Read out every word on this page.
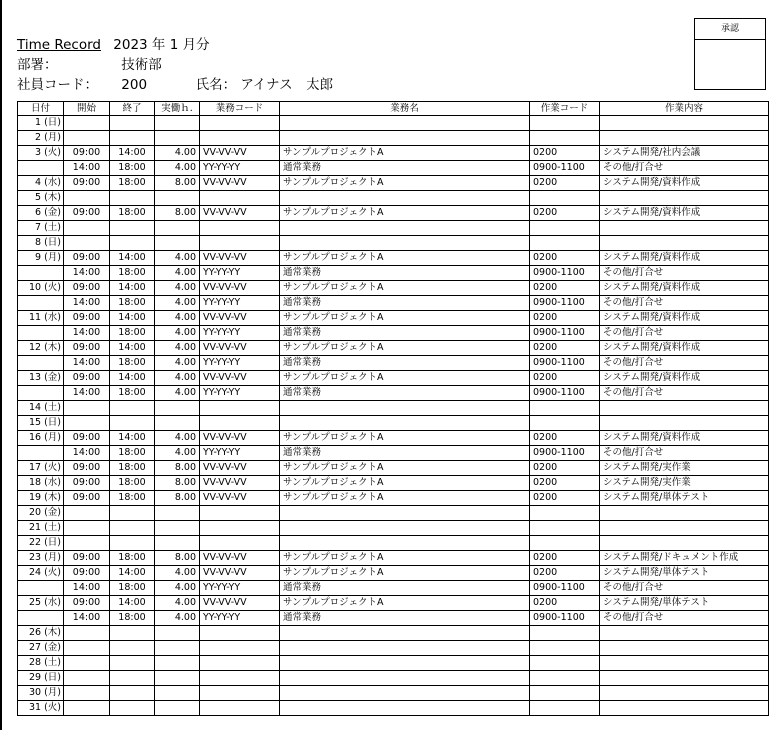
Time Record 2023 年 1 月分
部署：	技術部
社員コード： 200	氏名： アイナス　太郎
承認
日付	開始	終了	実働ｈ.	業務コード	業務名	作業コード	作業内容
1 (日)							
2 (月)							
3 (火)	09:00	14:00	4.00	VV-VV-VV	サンプルプロジェクトA	0200	システム開発/社内会議
	14:00	18:00	4.00	YY-YY-YY	通常業務	0900-1100	その他/打合せ
4 (水)	09:00	18:00	8.00	VV-VV-VV	サンプルプロジェクトA	0200	システム開発/資料作成
5 (木)							
6 (金)	09:00	18:00	8.00	VV-VV-VV	サンプルプロジェクトA	0200	システム開発/資料作成
7 (土)							
8 (日)							
9 (月)	09:00	14:00	4.00	VV-VV-VV	サンプルプロジェクトA	0200	システム開発/資料作成
	14:00	18:00	4.00	YY-YY-YY	通常業務	0900-1100	その他/打合せ
10 (火)	09:00	14:00	4.00	VV-VV-VV	サンプルプロジェクトA	0200	システム開発/資料作成
	14:00	18:00	4.00	YY-YY-YY	通常業務	0900-1100	その他/打合せ
11 (水)	09:00	14:00	4.00	VV-VV-VV	サンプルプロジェクトA	0200	システム開発/資料作成
	14:00	18:00	4.00	YY-YY-YY	通常業務	0900-1100	その他/打合せ
12 (木)	09:00	14:00	4.00	VV-VV-VV	サンプルプロジェクトA	0200	システム開発/資料作成
	14:00	18:00	4.00	YY-YY-YY	通常業務	0900-1100	その他/打合せ
13 (金)	09:00	14:00	4.00	VV-VV-VV	サンプルプロジェクトA	0200	システム開発/資料作成
	14:00	18:00	4.00	YY-YY-YY	通常業務	0900-1100	その他/打合せ
14 (土)							
15 (日)							
16 (月)	09:00	14:00	4.00	VV-VV-VV	サンプルプロジェクトA	0200	システム開発/資料作成
	14:00	18:00	4.00	YY-YY-YY	通常業務	0900-1100	その他/打合せ
17 (火)	09:00	18:00	8.00	VV-VV-VV	サンプルプロジェクトA	0200	システム開発/実作業
18 (水)	09:00	18:00	8.00	VV-VV-VV	サンプルプロジェクトA	0200	システム開発/実作業
19 (木)	09:00	18:00	8.00	VV-VV-VV	サンプルプロジェクトA	0200	システム開発/単体テスト
20 (金)							
21 (土)							
22 (日)							
23 (月)	09:00	18:00	8.00	VV-VV-VV	サンプルプロジェクトA	0200	システム開発/ドキュメント作成
24 (火)	09:00	14:00	4.00	VV-VV-VV	サンプルプロジェクトA	0200	システム開発/単体テスト
	14:00	18:00	4.00	YY-YY-YY	通常業務	0900-1100	その他/打合せ
25 (水)	09:00	14:00	4.00	VV-VV-VV	サンプルプロジェクトA	0200	システム開発/単体テスト
	14:00	18:00	4.00	YY-YY-YY	通常業務	0900-1100	その他/打合せ
26 (木)							
27 (金)							
28 (土)							
29 (日)							
30 (月)							
31 (火)							
